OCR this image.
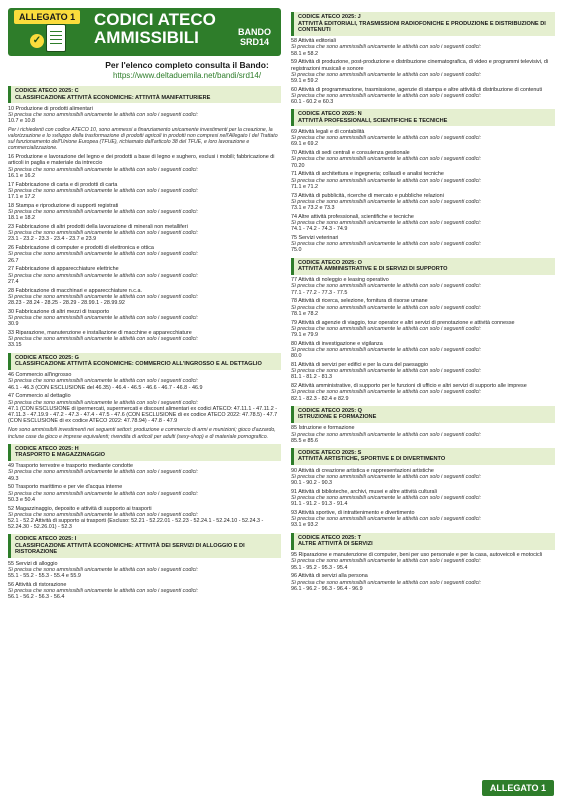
ALLEGATO 1
✓
CODICI ATECO AMMISSIBILI	BANDO SRD14
Per l'elenco completo consulta il Bando:
https://www.deltaduemila.net/bandi/srd14/
CODICE ATECO 2025: C
CLASSIFICAZIONE ATTIVITÀ ECONOMICHE: ATTIVITÀ MANIFATTURIERE
10 Produzione di prodotti alimentari
Si precisa che sono ammissibili unicamente le attività con solo i seguenti codici:
10.7 e 10.8
Per i richiedenti con codice ATECO 10, sono ammessi a finanziamento unicamente investimenti per la creazione, la valorizzazione e lo sviluppo della trasformazione di prodotti agricoli in prodotti non compresi nell'Allegato I del Trattato sul funzionamento dell'Unione Europea (TFUE), richiamato dall'articolo 38 del TFUE, e loro lavorazione e commercializzazione.
16 Produzione e lavorazione del legno e dei prodotti a base di legno e sughero, esclusi i mobili; fabbricazione di articoli in paglia e materiale da intreccio
Si precisa che sono ammissibili unicamente le attività con solo i seguenti codici:
16.1 e 16.2
17 Fabbricazione di carta e di prodotti di carta
Si precisa che sono ammissibili unicamente le attività con solo i seguenti codici:
17.1 e 17.2
18 Stampa e riproduzione di supporti registrati
Si precisa che sono ammissibili unicamente le attività con solo i seguenti codici:
18.1 e 18.2
23 Fabbricazione di altri prodotti della lavorazione di minerali non metalliferi
Si precisa che sono ammissibili unicamente le attività con solo i seguenti codici:
23.1 - 23.2 - 23.3 - 23.4 - 23.7 e 23.9
26 Fabbricazione di computer e prodotti di elettronica e ottica
Si precisa che sono ammissibili unicamente le attività con solo i seguenti codici:
26.7
27 Fabbricazione di apparecchiature elettriche
Si precisa che sono ammissibili unicamente le attività con solo i seguenti codici:
27.4
28 Fabbricazione di macchinari e apparecchiature n.c.a.
Si precisa che sono ammissibili unicamente le attività con solo i seguenti codici:
28.23 - 28.24 - 28.25 - 28.29 - 28.99.1 - 28.99.92
30 Fabbricazione di altri mezzi di trasporto
Si precisa che sono ammissibili unicamente le attività con solo i seguenti codici:
30.9
33 Riparazione, manutenzione e installazione di macchine e apparecchiature
Si precisa che sono ammissibili unicamente le attività con solo i seguenti codici:
33.15
CODICE ATECO 2025: G
CLASSIFICAZIONE ATTIVITÀ ECONOMICHE: COMMERCIO ALL'INGROSSO E AL DETTAGLIO
46 Commercio all'ingrosso
Si precisa che sono ammissibili unicamente le attività con solo i seguenti codici:
46.1 - 46.3 (CON ESCLUSIONE del 46.35) - 46.4 - 46.5 - 46.6 - 46.7 - 46.8 - 46.9
47 Commercio al dettaglio
Si precisa che sono ammissibili unicamente le attività con solo i seguenti codici:
47.1 (CON ESCLUSIONE di ipermercati, supermercati e discount alimentari ex codici ATECO: 47.11.1 - 47.11.2 - 47.11.3 - 47.19.9 - 47.2 - 47.3 - 47.4 - 47.5 - 47.6 (CON ESCLUSIONE di ex codice ATECO 2022: 47.78.5) - 47.7 (CON ESCLUSIONE di ex codice ATECO 2022: 47.78.94) - 47.8 - 47.9
Non sono ammissibili investimenti nei seguenti settori: produzione e commercio di armi e munizioni; gioco d'azzardo, incluse case da gioco e imprese equivalenti; rivendita di articoli per adulti (sexy-shop) e di materiale pornografico.
CODICE ATECO 2025: H
TRASPORTO E MAGAZZINAGGIO
49 Trasporto terrestre e trasporto mediante condotte
Si precisa che sono ammissibili unicamente le attività con solo i seguenti codici:
49.3
50 Trasporto marittimo e per vie d'acqua interne
Si precisa che sono ammissibili unicamente le attività con solo i seguenti codici:
50.3 e 50.4
52 Magazzinaggio, deposito e attività di supporto ai trasporti
Si precisa che sono ammissibili unicamente le attività con solo i seguenti codici:
52.1 - 52.2 Attività di supporto ai trasporti (Escluso: 52.21 - 52.22.01 - 52.23 - 52.24.1 - 52.24.10 - 52.24.3 - 52.24.30 - 52.26.01) - 52.3
CODICE ATECO 2025: I
CLASSIFICAZIONE ATTIVITÀ ECONOMICHE: ATTIVITÀ DEI SERVIZI DI ALLOGGIO E DI RISTORAZIONE
55 Servizi di alloggio
Si precisa che sono ammissibili unicamente le attività con solo i seguenti codici:
55.1 - 55.2 - 55.3 - 55.4 e 55.9
56 Attività di ristorazione
Si precisa che sono ammissibili unicamente le attività con solo i seguenti codici:
56.1 - 56.2 - 56.3 - 56.4
CODICE ATECO 2025: J
ATTIVITÀ EDITORIALI, TRASMISSIONI RADIOFONICHE E PRODUZIONE E DISTRIBUZIONE DI CONTENUTI
58 Attività editoriali
Si precisa che sono ammissibili unicamente le attività con solo i seguenti codici:
58.1 e 58.2
59 Attività di produzione, post-produzione e distribuzione cinematografica, di video e programmi televisivi, di registrazioni musicali e sonore
Si precisa che sono ammissibili unicamente le attività con solo i seguenti codici:
59.1 e 59.2
60 Attività di programmazione, trasmissione, agenzie di stampa e altre attività di distribuzione di contenuti
Si precisa che sono ammissibili unicamente le attività con solo i seguenti codici:
60.1 - 60.2 e 60.3
CODICE ATECO 2025: N
ATTIVITÀ PROFESSIONALI, SCIENTIFICHE E TECNICHE
69 Attività legali e di contabilità
Si precisa che sono ammissibili unicamente le attività con solo i seguenti codici:
69.1 e 69.2
70 Attività di sedi centrali e consulenza gestionale
Si precisa che sono ammissibili unicamente le attività con solo i seguenti codici:
70.20
71 Attività di architettura e ingegneria; collaudi e analisi tecniche
Si precisa che sono ammissibili unicamente le attività con solo i seguenti codici:
71.1 e 71.2
73 Attività di pubblicità, ricerche di mercato e pubbliche relazioni
Si precisa che sono ammissibili unicamente le attività con solo i seguenti codici:
73.1 e 73.2 e 73.3
74 Altre attività professionali, scientifiche e tecniche
Si precisa che sono ammissibili unicamente le attività con solo i seguenti codici:
74.1 - 74.2 - 74.3 - 74.9
75 Servizi veterinari
Si precisa che sono ammissibili unicamente le attività con solo i seguenti codici:
75.0
CODICE ATECO 2025: O
ATTIVITÀ AMMINISTRATIVE E DI SERVIZI DI SUPPORTO
77 Attività di noleggio e leasing operativo
Si precisa che sono ammissibili unicamente le attività con solo i seguenti codici:
77.1 - 77.2 - 77.3 - 77.5
78 Attività di ricerca, selezione, fornitura di risorse umane
Si precisa che sono ammissibili unicamente le attività con solo i seguenti codici:
78.1 e 78.2
79 Attività di agenzie di viaggio, tour operator e altri servizi di prenotazione e attività connesse
Si precisa che sono ammissibili unicamente le attività con solo i seguenti codici:
79.1 e 79.9
80 Attività di investigazione e vigilanza
Si precisa che sono ammissibili unicamente le attività con solo i seguenti codici:
80.0
81 Attività di servizi per edifici e per la cura del paesaggio
Si precisa che sono ammissibili unicamente le attività con solo i seguenti codici:
81.1 - 81.2 - 81.3
82 Attività amministrative, di supporto per le funzioni di ufficio e altri servizi di supporto alle imprese
Si precisa che sono ammissibili unicamente le attività con solo i seguenti codici:
82.1 - 82.3 - 82.4 e 82.9
CODICE ATECO 2025: Q
ISTRUZIONE E FORMAZIONE
85 Istruzione e formazione
Si precisa che sono ammissibili unicamente le attività con solo i seguenti codici:
85.5 e 85.6
CODICE ATECO 2025: S
ATTIVITÀ ARTISTICHE, SPORTIVE E DI DIVERTIMENTO
90 Attività di creazione artistica e rappresentazioni artistiche
Si precisa che sono ammissibili unicamente le attività con solo i seguenti codici:
90.1 - 90.2 - 90.3
91 Attività di biblioteche, archivi, musei e altre attività culturali
Si precisa che sono ammissibili unicamente le attività con solo i seguenti codici:
91.1 - 91.2 - 91.3 - 91.4
93 Attività sportive, di intrattenimento e divertimento
Si precisa che sono ammissibili unicamente le attività con solo i seguenti codici:
93.1 e 93.2
CODICE ATECO 2025: T
ALTRE ATTIVITÀ DI SERVIZI
95 Riparazione e manutenzione di computer, beni per uso personale e per la casa, autoveicoli e motocicli
Si precisa che sono ammissibili unicamente le attività con solo i seguenti codici:
95.1 - 95.2 - 95.3 - 95.4
96 Attività di servizi alla persona
Si precisa che sono ammissibili unicamente le attività con solo i seguenti codici:
96.1 - 96.2 - 96.3 - 96.4 - 96.9
ALLEGATO 1
